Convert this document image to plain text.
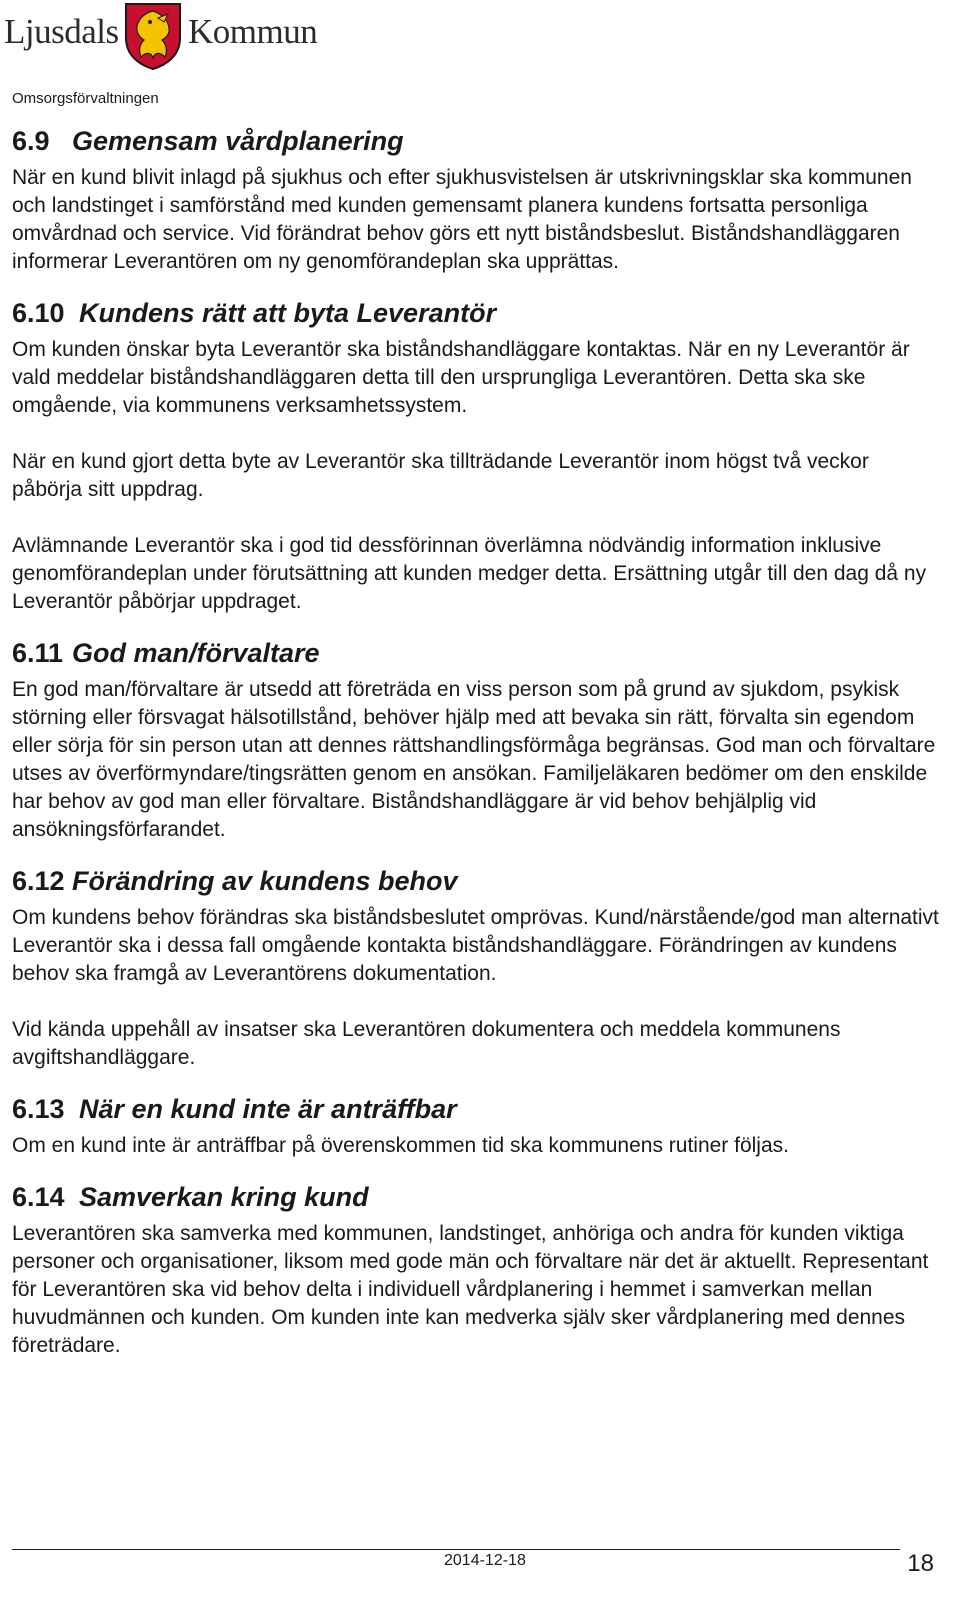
Ljusdals Kommun
Omsorgsförvaltningen
6.9 Gemensam vårdplanering

När en kund blivit inlagd på sjukhus och efter sjukhusvistelsen är utskrivningsklar ska kommunen och landstinget i samförstånd med kunden gemensamt planera kundens fortsatta personliga omvårdnad och service. Vid förändrat behov görs ett nytt biståndsbeslut. Biståndshandläggaren informerar Leverantören om ny genomförandeplan ska upprättas.

6.10 Kundens rätt att byta Leverantör

Om kunden önskar byta Leverantör ska biståndshandläggare kontaktas. När en ny Leverantör är vald meddelar biståndshandläggaren detta till den ursprungliga Leverantören. Detta ska ske omgående, via kommunens verksamhetssystem.

När en kund gjort detta byte av Leverantör ska tillträdande Leverantör inom högst två veckor påbörja sitt uppdrag.

Avlämnande Leverantör ska i god tid dessförinnan överlämna nödvändig information inklusive genomförandeplan under förutsättning att kunden medger detta. Ersättning utgår till den dag då ny Leverantör påbörjar uppdraget.

6.11 God man/förvaltare

En god man/förvaltare är utsedd att företräda en viss person som på grund av sjukdom, psykisk störning eller försvagat hälsotillstånd, behöver hjälp med att bevaka sin rätt, förvalta sin egendom eller sörja för sin person utan att dennes rättshandlingsförmåga begränsas. God man och förvaltare utses av överförmyndare/tingsrätten genom en ansökan. Familjeläkaren bedömer om den enskilde har behov av god man eller förvaltare. Biståndshandläggare är vid behov behjälplig vid ansökningsförfarandet.

6.12 Förändring av kundens behov

Om kundens behov förändras ska biståndsbeslutet omprövas. Kund/närstående/god man alternativt Leverantör ska i dessa fall omgående kontakta biståndshandläggare. Förändringen av kundens behov ska framgå av Leverantörens dokumentation.

Vid kända uppehåll av insatser ska Leverantören dokumentera och meddela kommunens avgiftshandläggare.

6.13 När en kund inte är anträffbar

Om en kund inte är anträffbar på överenskommen tid ska kommunens rutiner följas.

6.14 Samverkan kring kund

Leverantören ska samverka med kommunen, landstinget, anhöriga och andra för kunden viktiga personer och organisationer, liksom med gode män och förvaltare när det är aktuellt. Representant för Leverantören ska vid behov delta i individuell vårdplanering i hemmet i samverkan mellan huvudmännen och kunden. Om kunden inte kan medverka själv sker vårdplanering med dennes företrädare.

2014-12-18	18
